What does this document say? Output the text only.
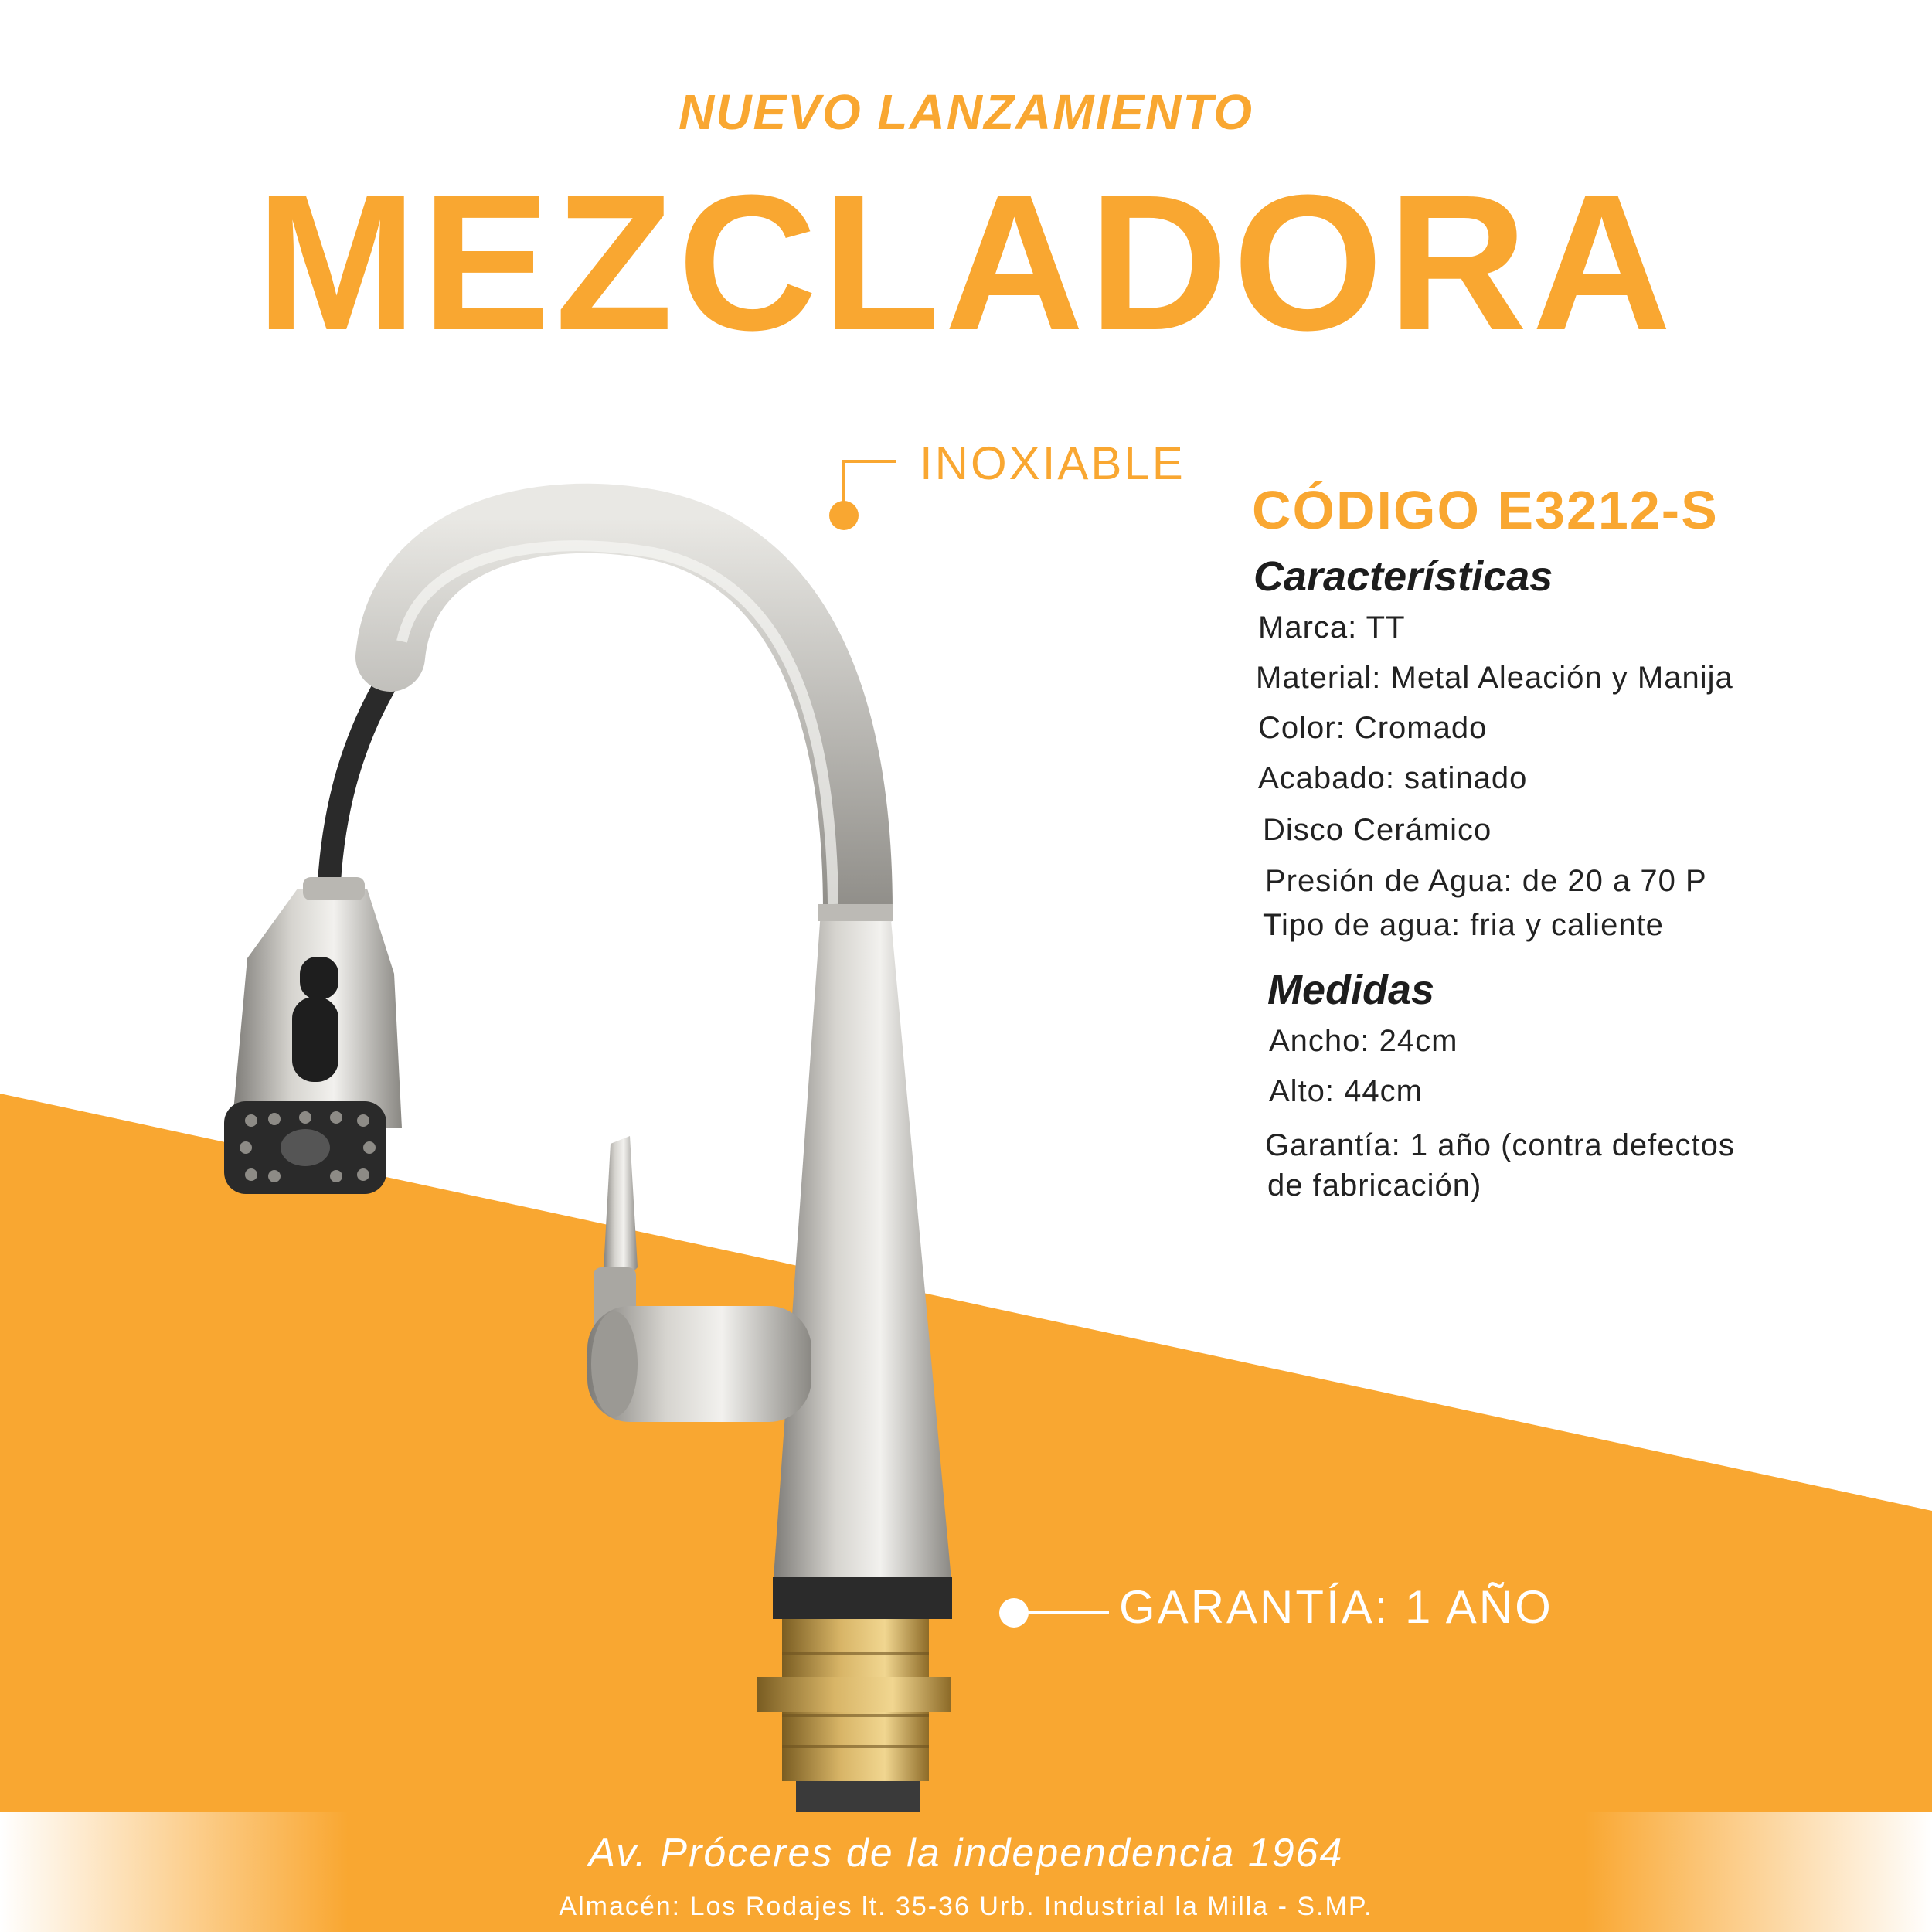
NUEVO LANZAMIENTO
MEZCLADORA
INOXIABLE
GARANTÍA: 1 AÑO
CÓDIGO E3212-S
Características
Marca: TT
Material: Metal Aleación y Manija
Color: Cromado
Acabado: satinado
Disco Cerámico
Presión de Agua: de 20 a 70 P
Tipo de agua: fria y caliente
Medidas
Ancho: 24cm
Alto: 44cm
Garantía: 1 año (contra defectos
de fabricación)
Av. Próceres de la independencia 1964
Almacén: Los Rodajes lt. 35-36 Urb. Industrial la Milla - S.MP.
